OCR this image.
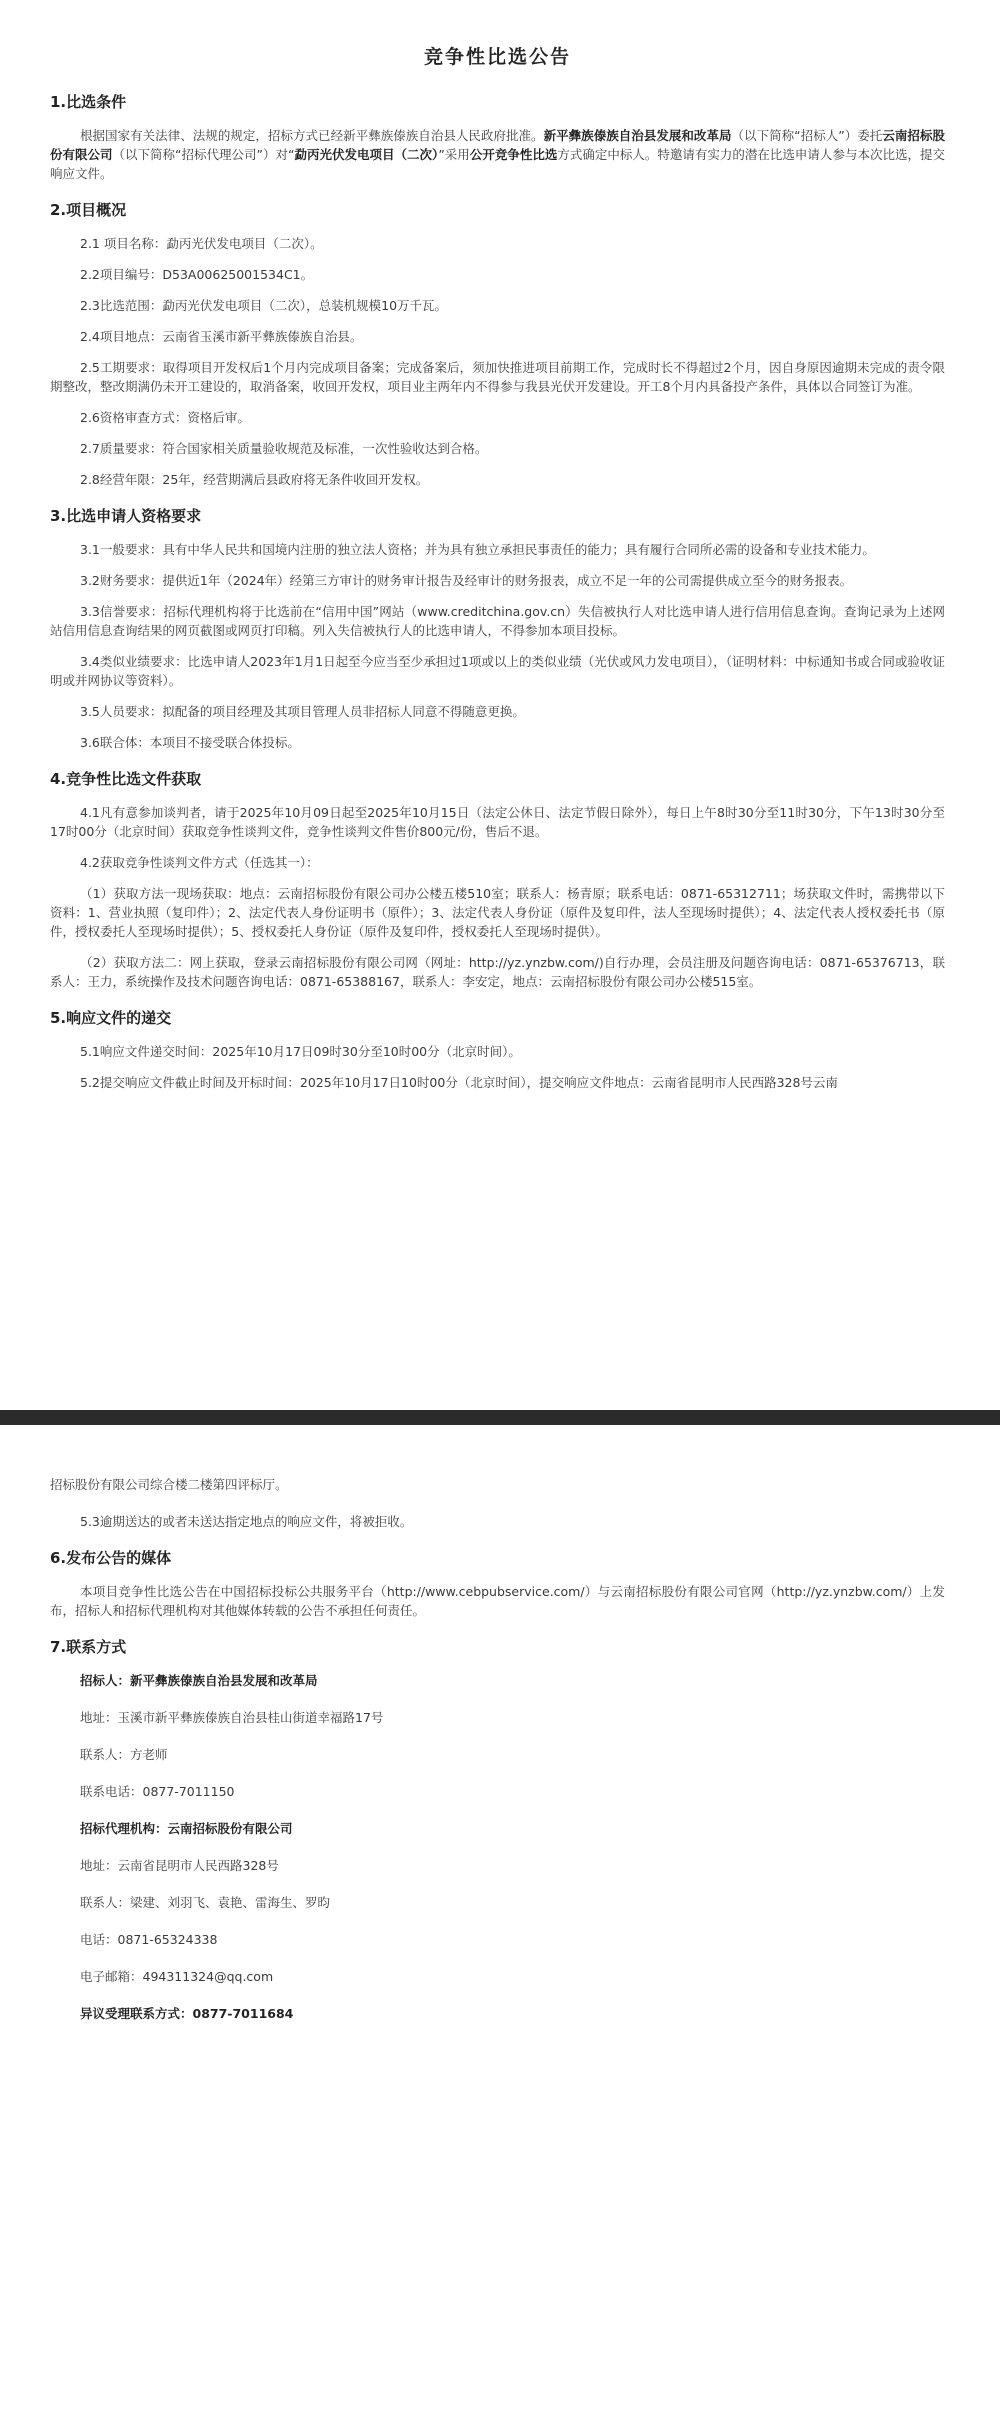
竞争性比选公告
1.比选条件
根据国家有关法律、法规的规定，招标方式已经新平彝族傣族自治县人民政府批准。新平彝族傣族自治县发展和改革局（以下简称“招标人”）委托云南招标股份有限公司（以下简称“招标代理公司”）对“勐丙光伏发电项目（二次）”采用公开竞争性比选方式确定中标人。特邀请有实力的潜在比选申请人参与本次比选，提交响应文件。
2.项目概况
2.1 项目名称：勐丙光伏发电项目（二次）。
2.2项目编号：D53A00625001534C1。
2.3比选范围：勐丙光伏发电项目（二次），总装机规模10万千瓦。
2.4项目地点：云南省玉溪市新平彝族傣族自治县。
2.5工期要求：取得项目开发权后1个月内完成项目备案；完成备案后，须加快推进项目前期工作，完成时长不得超过2个月，因自身原因逾期未完成的责令限期整改，整改期满仍未开工建设的，取消备案，收回开发权，项目业主两年内不得参与我县光伏开发建设。开工8个月内具备投产条件，具体以合同签订为准。
2.6资格审查方式：资格后审。
2.7质量要求：符合国家相关质量验收规范及标准，一次性验收达到合格。
2.8经营年限：25年，经营期满后县政府将无条件收回开发权。
3.比选申请人资格要求
3.1一般要求：具有中华人民共和国境内注册的独立法人资格；并为具有独立承担民事责任的能力；具有履行合同所必需的设备和专业技术能力。
3.2财务要求：提供近1年（2024年）经第三方审计的财务审计报告及经审计的财务报表，成立不足一年的公司需提供成立至今的财务报表。
3.3信誉要求：招标代理机构将于比选前在“信用中国”网站（www.creditchina.gov.cn）失信被执行人对比选申请人进行信用信息查询。查询记录为上述网站信用信息查询结果的网页截图或网页打印稿。列入失信被执行人的比选申请人，不得参加本项目投标。
3.4类似业绩要求：比选申请人2023年1月1日起至今应当至少承担过1项或以上的类似业绩（光伏或风力发电项目），（证明材料：中标通知书或合同或验收证明或并网协议等资料）。
3.5人员要求：拟配备的项目经理及其项目管理人员非招标人同意不得随意更换。
3.6联合体：本项目不接受联合体投标。
4.竞争性比选文件获取
4.1凡有意参加谈判者，请于2025年10月09日起至2025年10月15日（法定公休日、法定节假日除外），每日上午8时30分至11时30分，下午13时30分至17时00分（北京时间）获取竞争性谈判文件，竞争性谈判文件售价800元/份，售后不退。
4.2获取竞争性谈判文件方式（任选其一）：
（1）获取方法一现场获取：地点：云南招标股份有限公司办公楼五楼510室；联系人：杨青原；联系电话：0871-65312711；场获取文件时，需携带以下资料：1、营业执照（复印件）；2、法定代表人身份证明书（原件）；3、法定代表人身份证（原件及复印件，法人至现场时提供）；4、法定代表人授权委托书（原件，授权委托人至现场时提供）；5、授权委托人身份证（原件及复印件，授权委托人至现场时提供）。
（2）获取方法二：网上获取，登录云南招标股份有限公司网（网址：http://yz.ynzbw.com/)自行办理，会员注册及问题咨询电话：0871-65376713，联系人：王力，系统操作及技术问题咨询电话：0871-65388167，联系人：李安定，地点：云南招标股份有限公司办公楼515室。
5.响应文件的递交
5.1响应文件递交时间：2025年10月17日09时30分至10时00分（北京时间）。
5.2提交响应文件截止时间及开标时间：2025年10月17日10时00分（北京时间），提交响应文件地点：云南省昆明市人民西路328号云南
招标股份有限公司综合楼二楼第四评标厅。
5.3逾期送达的或者未送达指定地点的响应文件，将被拒收。
6.发布公告的媒体
本项目竞争性比选公告在中国招标投标公共服务平台（http://www.cebpubservice.com/）与云南招标股份有限公司官网（http://yz.ynzbw.com/）上发布，招标人和招标代理机构对其他媒体转载的公告不承担任何责任。
7.联系方式
招标人：新平彝族傣族自治县发展和改革局
地址：玉溪市新平彝族傣族自治县桂山街道幸福路17号
联系人：方老师
联系电话：0877-7011150
招标代理机构：云南招标股份有限公司
地址：云南省昆明市人民西路328号
联系人：梁建、刘羽飞、袁艳、雷海生、罗昀
电话：0871-65324338
电子邮箱：494311324@qq.com
异议受理联系方式：0877-7011684
